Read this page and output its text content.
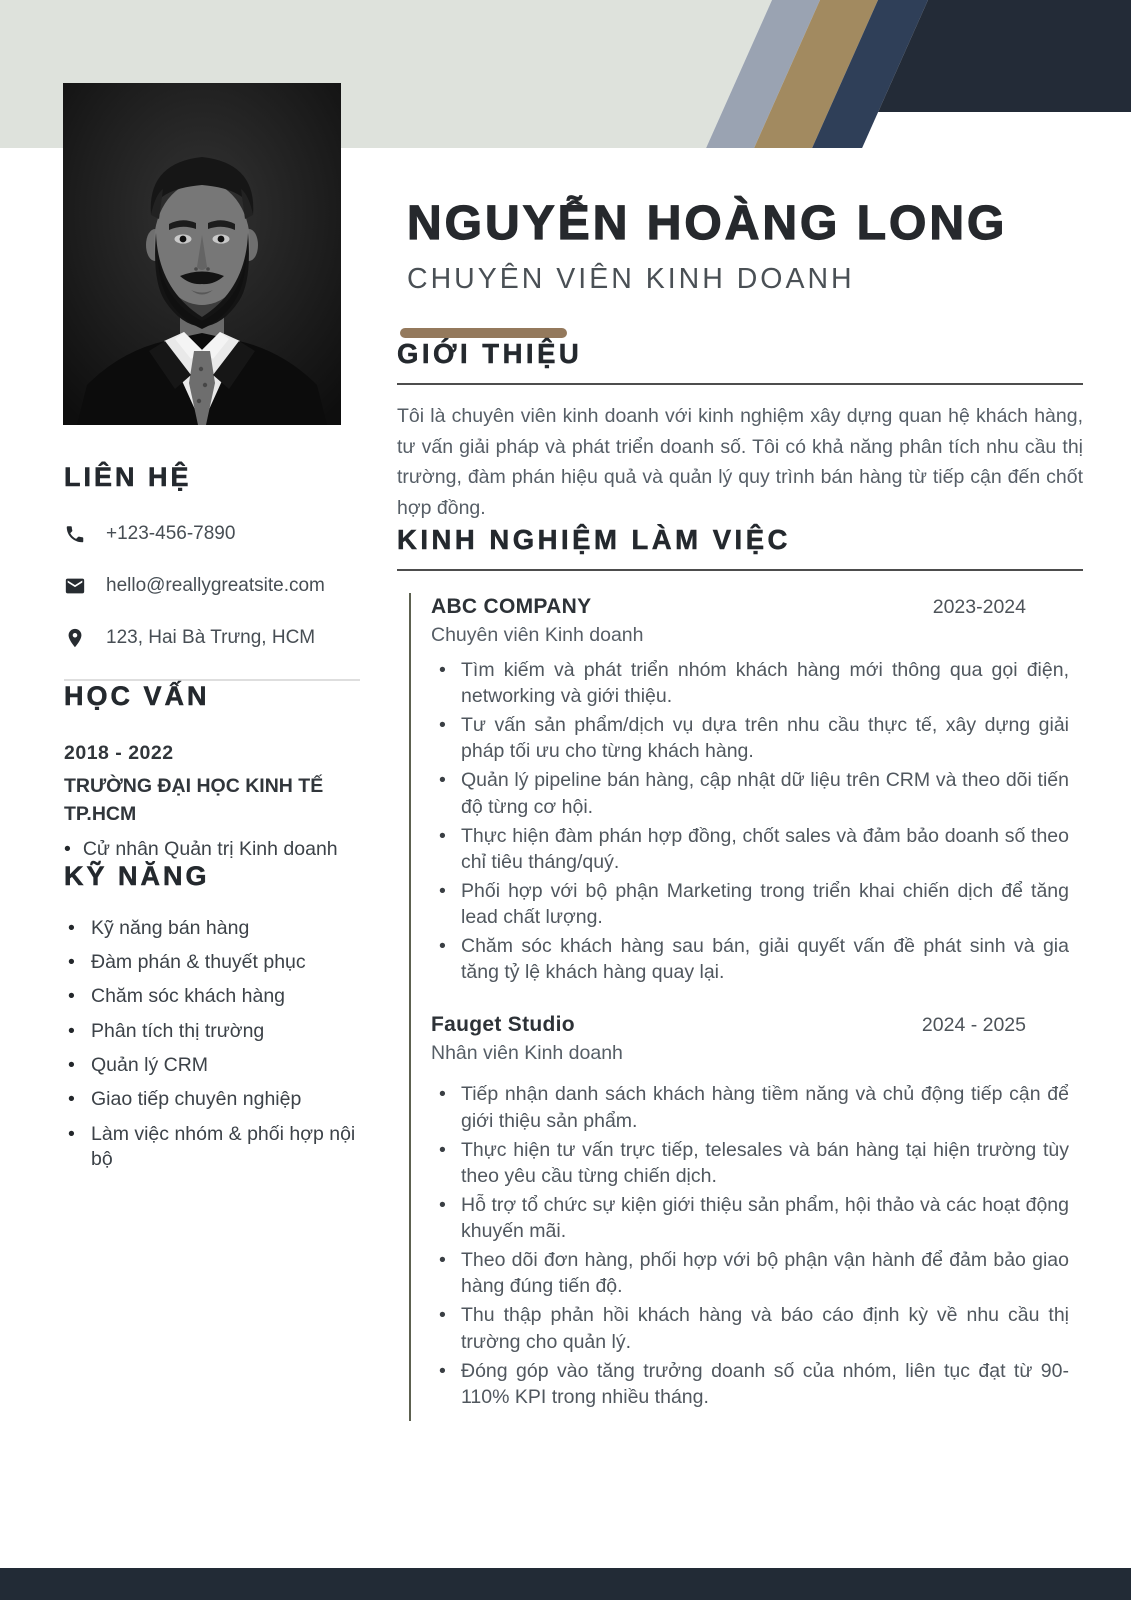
LIÊN HỆ
+123-456-7890
hello@reallygreatsite.com
123, Hai Bà Trưng, HCM
HỌC VẤN
2018 - 2022
TRƯỜNG ĐẠI HỌC KINH TẾ TP.HCM
• Cử nhân Quản trị Kinh doanh
KỸ NĂNG
• Kỹ năng bán hàng
• Đàm phán & thuyết phục
• Chăm sóc khách hàng
• Phân tích thị trường
• Quản lý CRM
• Giao tiếp chuyên nghiệp
• Làm việc nhóm & phối hợp nội bộ
NGUYỄN HOÀNG LONG
CHUYÊN VIÊN KINH DOANH
GIỚI THIỆU

Tôi là chuyên viên kinh doanh với kinh nghiệm xây dựng quan hệ khách hàng, tư vấn giải pháp và phát triển doanh số. Tôi có khả năng phân tích nhu cầu thị trường, đàm phán hiệu quả và quản lý quy trình bán hàng từ tiếp cận đến chốt hợp đồng.

KINH NGHIỆM LÀM VIỆC
ABC COMPANY	2023-2024
Chuyên viên Kinh doanh
• Tìm kiếm và phát triển nhóm khách hàng mới thông qua gọi điện, networking và giới thiệu.
• Tư vấn sản phẩm/dịch vụ dựa trên nhu cầu thực tế, xây dựng giải pháp tối ưu cho từng khách hàng.
• Quản lý pipeline bán hàng, cập nhật dữ liệu trên CRM và theo dõi tiến độ từng cơ hội.
• Thực hiện đàm phán hợp đồng, chốt sales và đảm bảo doanh số theo chỉ tiêu tháng/quý.
• Phối hợp với bộ phận Marketing trong triển khai chiến dịch để tăng lead chất lượng.
• Chăm sóc khách hàng sau bán, giải quyết vấn đề phát sinh và gia tăng tỷ lệ khách hàng quay lại.
Fauget Studio	2024 - 2025
Nhân viên Kinh doanh
• Tiếp nhận danh sách khách hàng tiềm năng và chủ động tiếp cận để giới thiệu sản phẩm.
• Thực hiện tư vấn trực tiếp, telesales và bán hàng tại hiện trường tùy theo yêu cầu từng chiến dịch.
• Hỗ trợ tổ chức sự kiện giới thiệu sản phẩm, hội thảo và các hoạt động khuyến mãi.
• Theo dõi đơn hàng, phối hợp với bộ phận vận hành để đảm bảo giao hàng đúng tiến độ.
• Thu thập phản hồi khách hàng và báo cáo định kỳ về nhu cầu thị trường cho quản lý.
• Đóng góp vào tăng trưởng doanh số của nhóm, liên tục đạt từ 90-110% KPI trong nhiều tháng.
